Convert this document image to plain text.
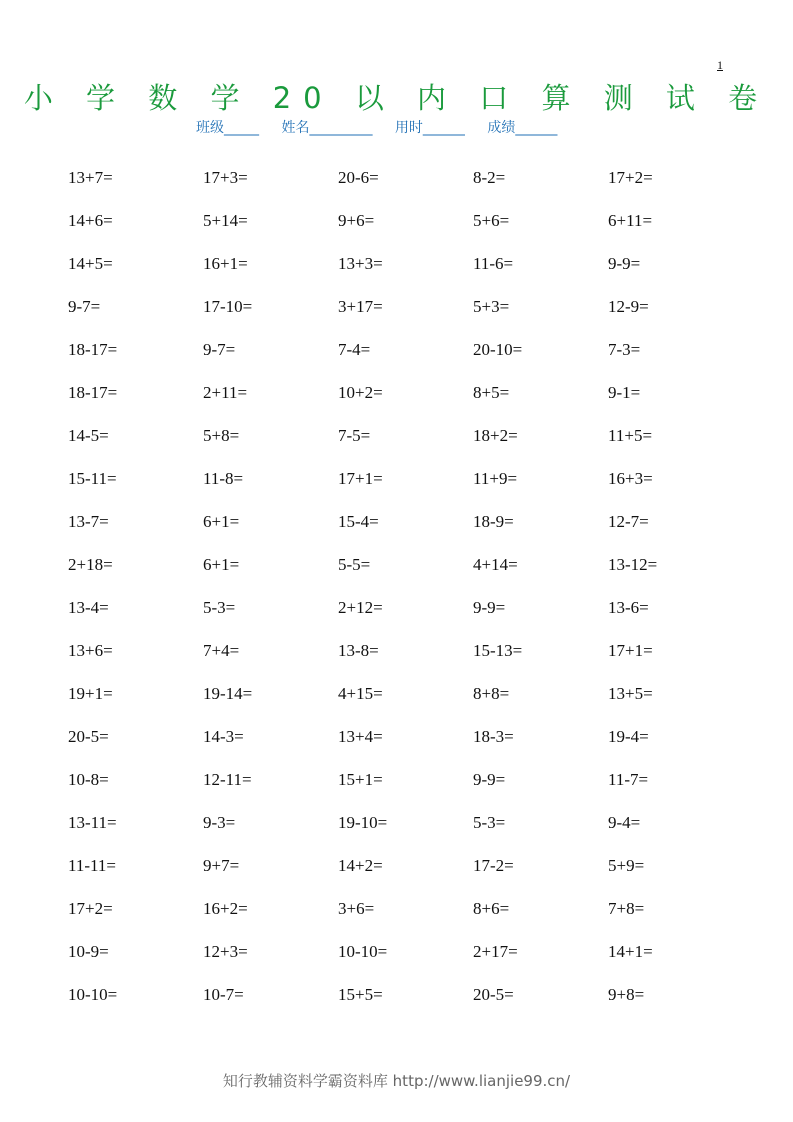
1
小 学 数 学 20 以 内 口 算 测 试 卷
班级_____ 姓名_________ 用时______ 成绩______
13+7=	17+3=	20-6=	8-2=	17+2=
14+6=	5+14=	9+6=	5+6=	6+11=
14+5=	16+1=	13+3=	11-6=	9-9=
9-7=	17-10=	3+17=	5+3=	12-9=
18-17=	9-7=	7-4=	20-10=	7-3=
18-17=	2+11=	10+2=	8+5=	9-1=
14-5=	5+8=	7-5=	18+2=	11+5=
15-11=	11-8=	17+1=	11+9=	16+3=
13-7=	6+1=	15-4=	18-9=	12-7=
2+18=	6+1=	5-5=	4+14=	13-12=
13-4=	5-3=	2+12=	9-9=	13-6=
13+6=	7+4=	13-8=	15-13=	17+1=
19+1=	19-14=	4+15=	8+8=	13+5=
20-5=	14-3=	13+4=	18-3=	19-4=
10-8=	12-11=	15+1=	9-9=	11-7=
13-11=	9-3=	19-10=	5-3=	9-4=
11-11=	9+7=	14+2=	17-2=	5+9=
17+2=	16+2=	3+6=	8+6=	7+8=
10-9=	12+3=	10-10=	2+17=	14+1=
10-10=	10-7=	15+5=	20-5=	9+8=
知行教辅资料学霸资料库 http://www.lianjie99.cn/
